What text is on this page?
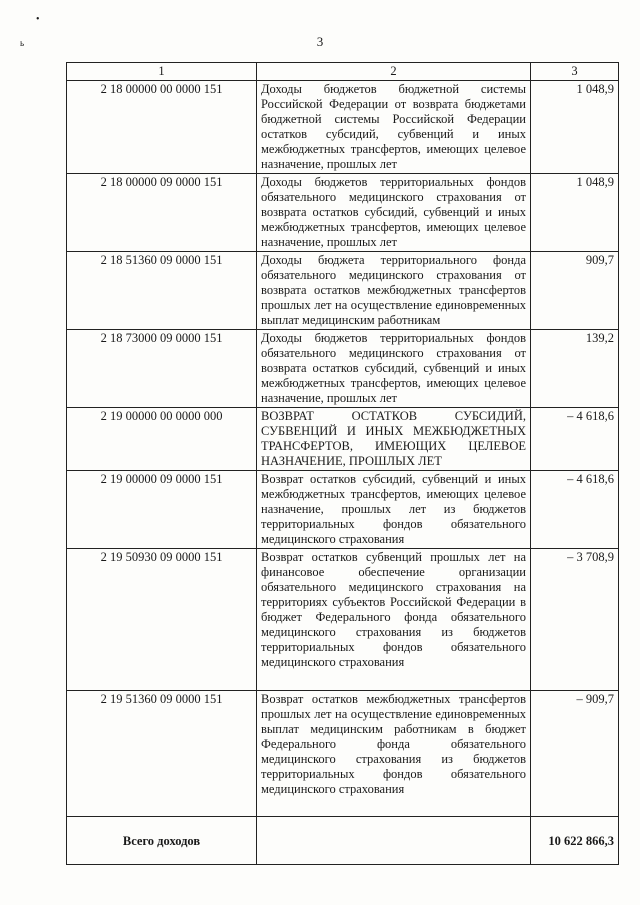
•
ь	3
1	2	3
2 18 00000 00 0000 151	Доходы бюджетов бюджетной системы Российской Федерации от возврата бюджетами бюджетной системы Российской Федерации остатков субсидий, субвенций и иных межбюджетных трансфертов, имеющих целевое назначение, прошлых лет	1 048,9
2 18 00000 09 0000 151	Доходы бюджетов территориальных фондов обязательного медицинского страхования от возврата остатков субсидий, субвенций и иных межбюджетных трансфертов, имеющих целевое назначение, прошлых лет	1 048,9
2 18 51360 09 0000 151	Доходы бюджета территориального фонда обязательного медицинского страхования от возврата остатков межбюджетных трансфертов прошлых лет на осуществление единовременных выплат медицинским работникам	909,7
2 18 73000 09 0000 151	Доходы бюджетов территориальных фондов обязательного медицинского страхования от возврата остатков субсидий, субвенций и иных межбюджетных трансфертов, имеющих целевое назначение, прошлых лет	139,2
2 19 00000 00 0000 000	ВОЗВРАТ ОСТАТКОВ СУБСИДИЙ, СУБВЕНЦИЙ И ИНЫХ МЕЖБЮДЖЕТНЫХ ТРАНСФЕРТОВ, ИМЕЮЩИХ ЦЕЛЕВОЕ НАЗНАЧЕНИЕ, ПРОШЛЫХ ЛЕТ	– 4 618,6
2 19 00000 09 0000 151	Возврат остатков субсидий, субвенций и иных межбюджетных трансфертов, имеющих целевое назначение, прошлых лет из бюджетов территориальных фондов обязательного медицинского страхования	– 4 618,6
2 19 50930 09 0000 151	Возврат остатков субвенций прошлых лет на финансовое обеспечение организации обязательного медицинского страхования на территориях субъектов Российской Федерации в бюджет Федерального фонда обязательного медицинского страхования из бюджетов территориальных фондов обязательного медицинского страхования	– 3 708,9
2 19 51360 09 0000 151	Возврат остатков межбюджетных трансфертов прошлых лет на осуществление единовременных выплат медицинским работникам в бюджет Федерального фонда обязательного медицинского страхования из бюджетов территориальных фондов обязательного медицинского страхования	– 909,7
Всего доходов		10 622 866,3
